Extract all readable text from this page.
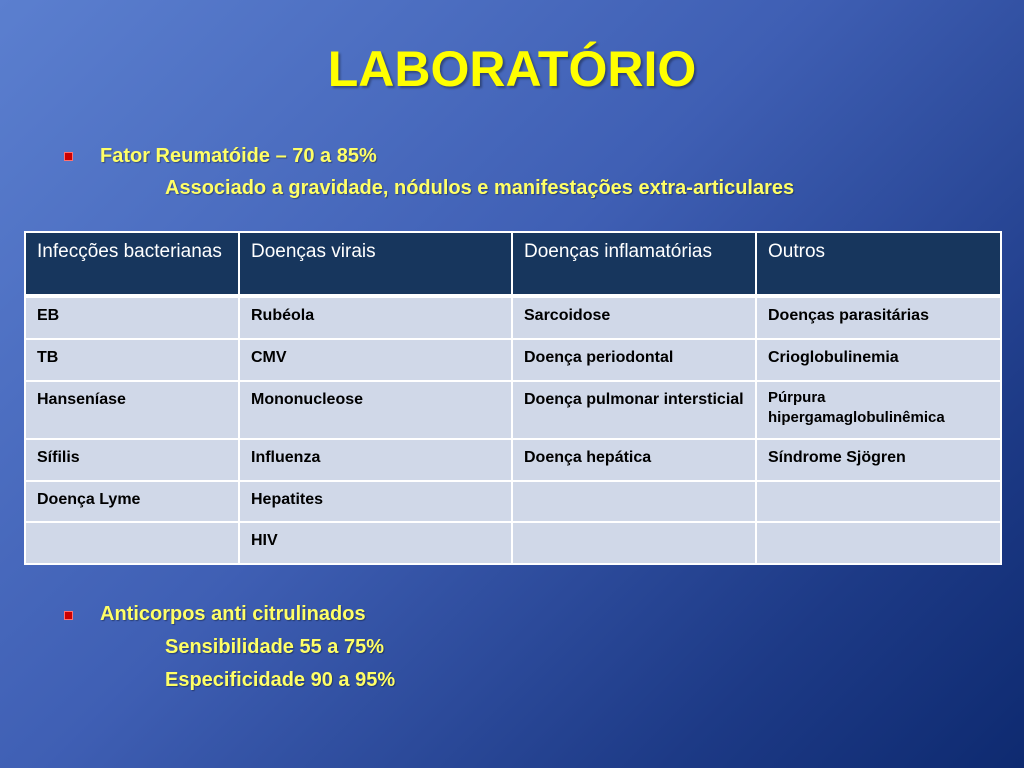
LABORATÓRIO
Fator Reumatóide – 70 a 85%
Associado a gravidade, nódulos e manifestações extra-articulares
Infecções bacterianas	Doenças virais	Doenças inflamatórias	Outros
EB	Rubéola	Sarcoidose	Doenças parasitárias
TB	CMV	Doença periodontal	Crioglobulinemia
Hanseníase	Mononucleose	Doença pulmonar intersticial	Púrpura hipergamaglobulinêmica
Sífilis	Influenza	Doença hepática	Síndrome Sjögren
Doença Lyme	Hepatites		
	HIV		
Anticorpos anti citrulinados
Sensibilidade 55 a 75%
Especificidade 90 a 95%
